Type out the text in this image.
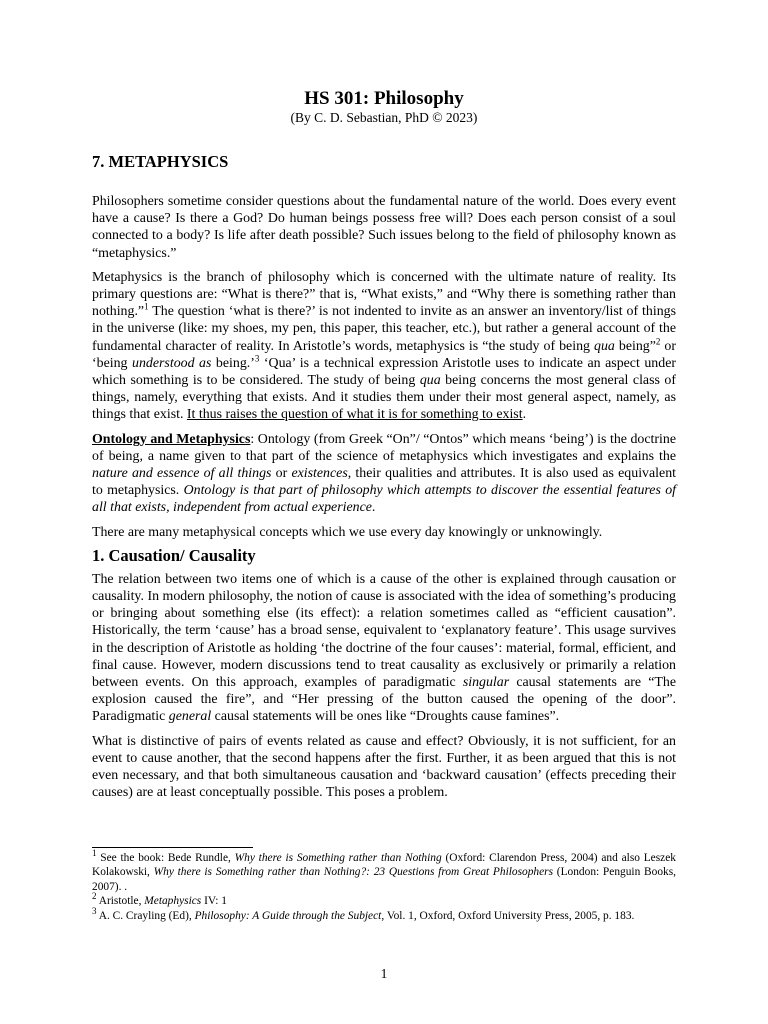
HS 301: Philosophy
(By C. D. Sebastian, PhD © 2023)
7. METAPHYSICS

Philosophers sometime consider questions about the fundamental nature of the world. Does every event have a cause? Is there a God? Do human beings possess free will? Does each person consist of a soul connected to a body? Is life after death possible? Such issues belong to the field of philosophy known as “metaphysics.”

Metaphysics is the branch of philosophy which is concerned with the ultimate nature of reality. Its primary questions are: “What is there?” that is, “What exists,” and “Why there is something rather than nothing.”$^1$ The question ‘what is there?’ is not indented to invite as an answer an inventory/list of things in the universe (like: my shoes, my pen, this paper, this teacher, etc.), but rather a general account of the fundamental character of reality. In Aristotle’s words, metaphysics is “the study of being qua being”$^2$ or ‘being understood as being.’$^3$ ‘Qua’ is a technical expression Aristotle uses to indicate an aspect under which something is to be considered. The study of being qua being concerns the most general class of things, namely, everything that exists. And it studies them under their most general aspect, namely, as things that exist. It thus raises the question of what it is for something to exist.

Ontology and Metaphysics: Ontology (from Greek “On”/ “Ontos” which means ‘being’) is the doctrine of being, a name given to that part of the science of metaphysics which investigates and explains the nature and essence of all things or existences, their qualities and attributes. It is also used as equivalent to metaphysics. Ontology is that part of philosophy which attempts to discover the essential features of all that exists, independent from actual experience.

There are many metaphysical concepts which we use every day knowingly or unknowingly.

1. Causation/ Causality

The relation between two items one of which is a cause of the other is explained through causation or causality. In modern philosophy, the notion of cause is associated with the idea of something’s producing or bringing about something else (its effect): a relation sometimes called as “efficient causation”. Historically, the term ‘cause’ has a broad sense, equivalent to ‘explanatory feature’. This usage survives in the description of Aristotle as holding ‘the doctrine of the four causes’: material, formal, efficient, and final cause. However, modern discussions tend to treat causality as exclusively or primarily a relation between events. On this approach, examples of paradigmatic singular causal statements are “The explosion caused the fire”, and “Her pressing of the button caused the opening of the door”. Paradigmatic general causal statements will be ones like “Droughts cause famines”.

What is distinctive of pairs of events related as cause and effect? Obviously, it is not sufficient, for an event to cause another, that the second happens after the first. Further, it as been argued that this is not even necessary, and that both simultaneous causation and ‘backward causation’ (effects preceding their causes) are at least conceptually possible. This poses a problem.

$^1$ See the book: Bede Rundle, Why there is Something rather than Nothing (Oxford: Clarendon Press, 2004) and also Leszek Kolakowski, Why there is Something rather than Nothing?: 23 Questions from Great Philosophers (London: Penguin Books, 2007). .

$^2$ Aristotle, Metaphysics IV: 1

$^3$ A. C. Crayling (Ed), Philosophy: A Guide through the Subject, Vol. 1, Oxford, Oxford University Press, 2005, p. 183.

1
